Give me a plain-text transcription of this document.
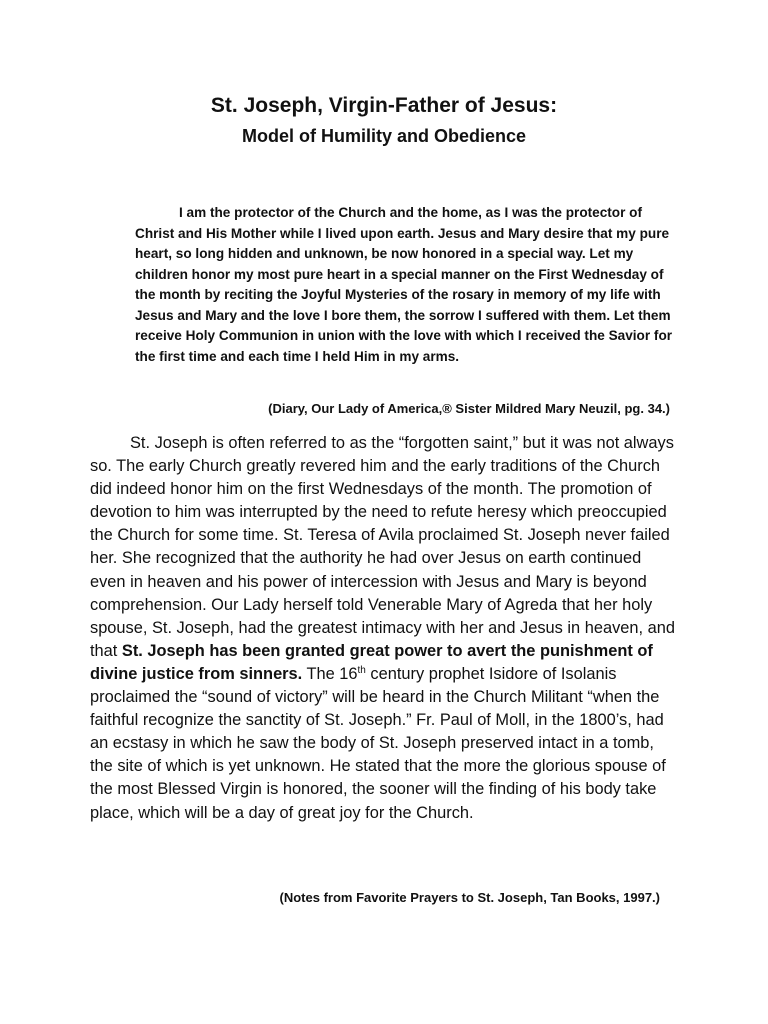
St. Joseph, Virgin-Father of Jesus:
Model of Humility and Obedience

I am the protector of the Church and the home, as I was the protector of Christ and His Mother while I lived upon earth. Jesus and Mary desire that my pure heart, so long hidden and unknown, be now honored in a special way. Let my children honor my most pure heart in a special manner on the First Wednesday of the month by reciting the Joyful Mysteries of the rosary in memory of my life with Jesus and Mary and the love I bore them, the sorrow I suffered with them. Let them receive Holy Communion in union with the love with which I received the Savior for the first time and each time I held Him in my arms.

(Diary, Our Lady of America,® Sister Mildred Mary Neuzil, pg. 34.)

St. Joseph is often referred to as the “forgotten saint,” but it was not always so. The early Church greatly revered him and the early traditions of the Church did indeed honor him on the first Wednesdays of the month. The promotion of devotion to him was interrupted by the need to refute heresy which preoccupied the Church for some time. St. Teresa of Avila proclaimed St. Joseph never failed her. She recognized that the authority he had over Jesus on earth continued even in heaven and his power of intercession with Jesus and Mary is beyond comprehension. Our Lady herself told Venerable Mary of Agreda that her holy spouse, St. Joseph, had the greatest intimacy with her and Jesus in heaven, and that St. Joseph has been granted great power to avert the punishment of divine justice from sinners. The 16th century prophet Isidore of Isolanis proclaimed the “sound of victory” will be heard in the Church Militant “when the faithful recognize the sanctity of St. Joseph.” Fr. Paul of Moll, in the 1800’s, had an ecstasy in which he saw the body of St. Joseph preserved intact in a tomb, the site of which is yet unknown. He stated that the more the glorious spouse of the most Blessed Virgin is honored, the sooner will the finding of his body take place, which will be a day of great joy for the Church.

(Notes from Favorite Prayers to St. Joseph, Tan Books, 1997.)
